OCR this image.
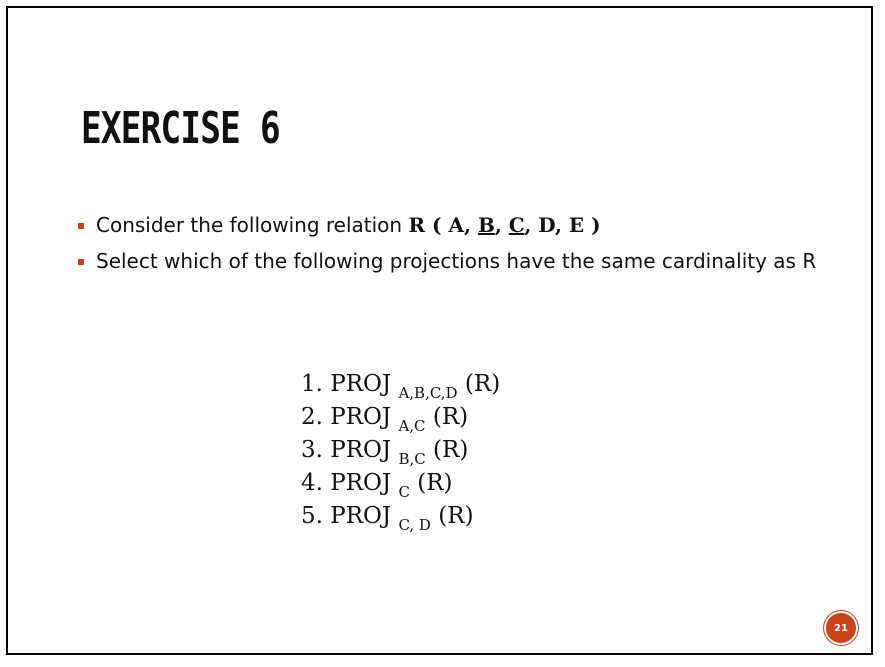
EXERCISE 6
Consider the following relation R ( A, B, C, D, E )
Select which of the following projections have the same cardinality as R
1. PROJ $_{A,B,C,D}$ (R)
2. PROJ $_{A,C}$ (R)
3. PROJ $_{B,C}$ (R)
4. PROJ $_C$ (R)
5. PROJ $_{C, D}$ (R)
21
